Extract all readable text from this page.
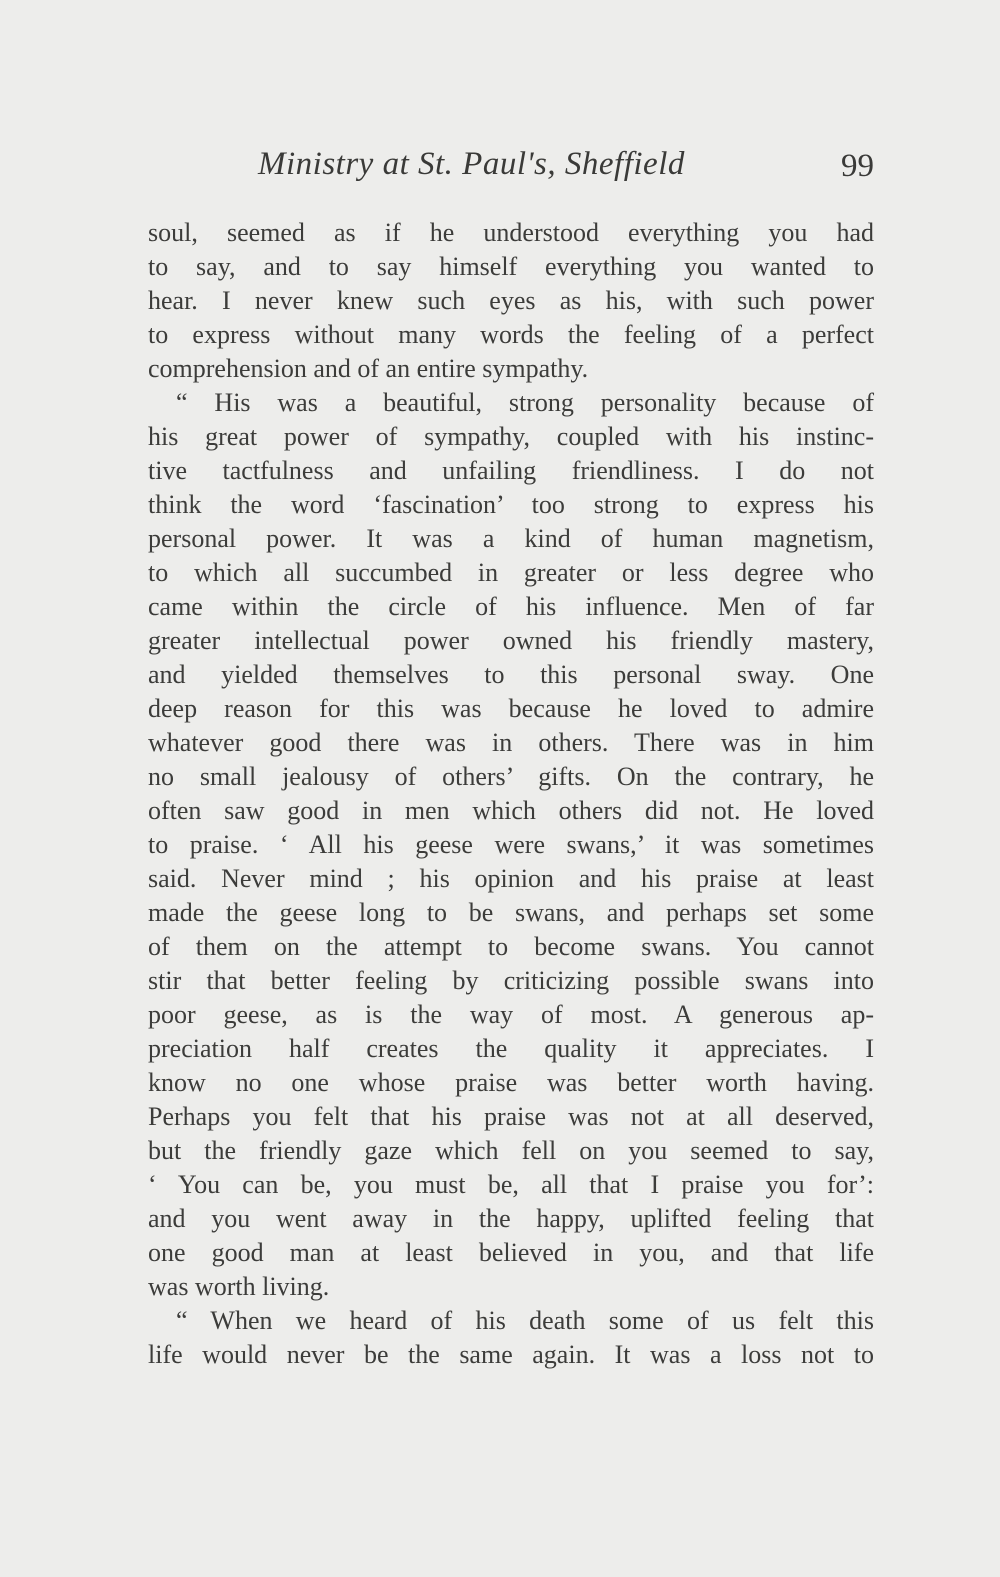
Ministry at St. Paul's, Sheffield	99
soul, seemed as if he understood everything you had
to say, and to say himself everything you wanted to
hear. I never knew such eyes as his, with such power
to express without many words the feeling of a perfect
comprehension and of an entire sympathy.
“ His was a beautiful, strong personality because of
his great power of sympathy, coupled with his instinc-
tive tactfulness and unfailing friendliness. I do not
think the word ‘fascination’ too strong to express his
personal power. It was a kind of human magnetism,
to which all succumbed in greater or less degree who
came within the circle of his influence. Men of far
greater intellectual power owned his friendly mastery,
and yielded themselves to this personal sway. One
deep reason for this was because he loved to admire
whatever good there was in others. There was in him
no small jealousy of others’ gifts. On the contrary, he
often saw good in men which others did not. He loved
to praise. ‘ All his geese were swans,’ it was sometimes
said. Never mind ; his opinion and his praise at least
made the geese long to be swans, and perhaps set some
of them on the attempt to become swans. You cannot
stir that better feeling by criticizing possible swans into
poor geese, as is the way of most. A generous ap-
preciation half creates the quality it appreciates. I
know no one whose praise was better worth having.
Perhaps you felt that his praise was not at all deserved,
but the friendly gaze which fell on you seemed to say,
‘ You can be, you must be, all that I praise you for’:
and you went away in the happy, uplifted feeling that
one good man at least believed in you, and that life
was worth living.
“ When we heard of his death some of us felt this
life would never be the same again. It was a loss not to
